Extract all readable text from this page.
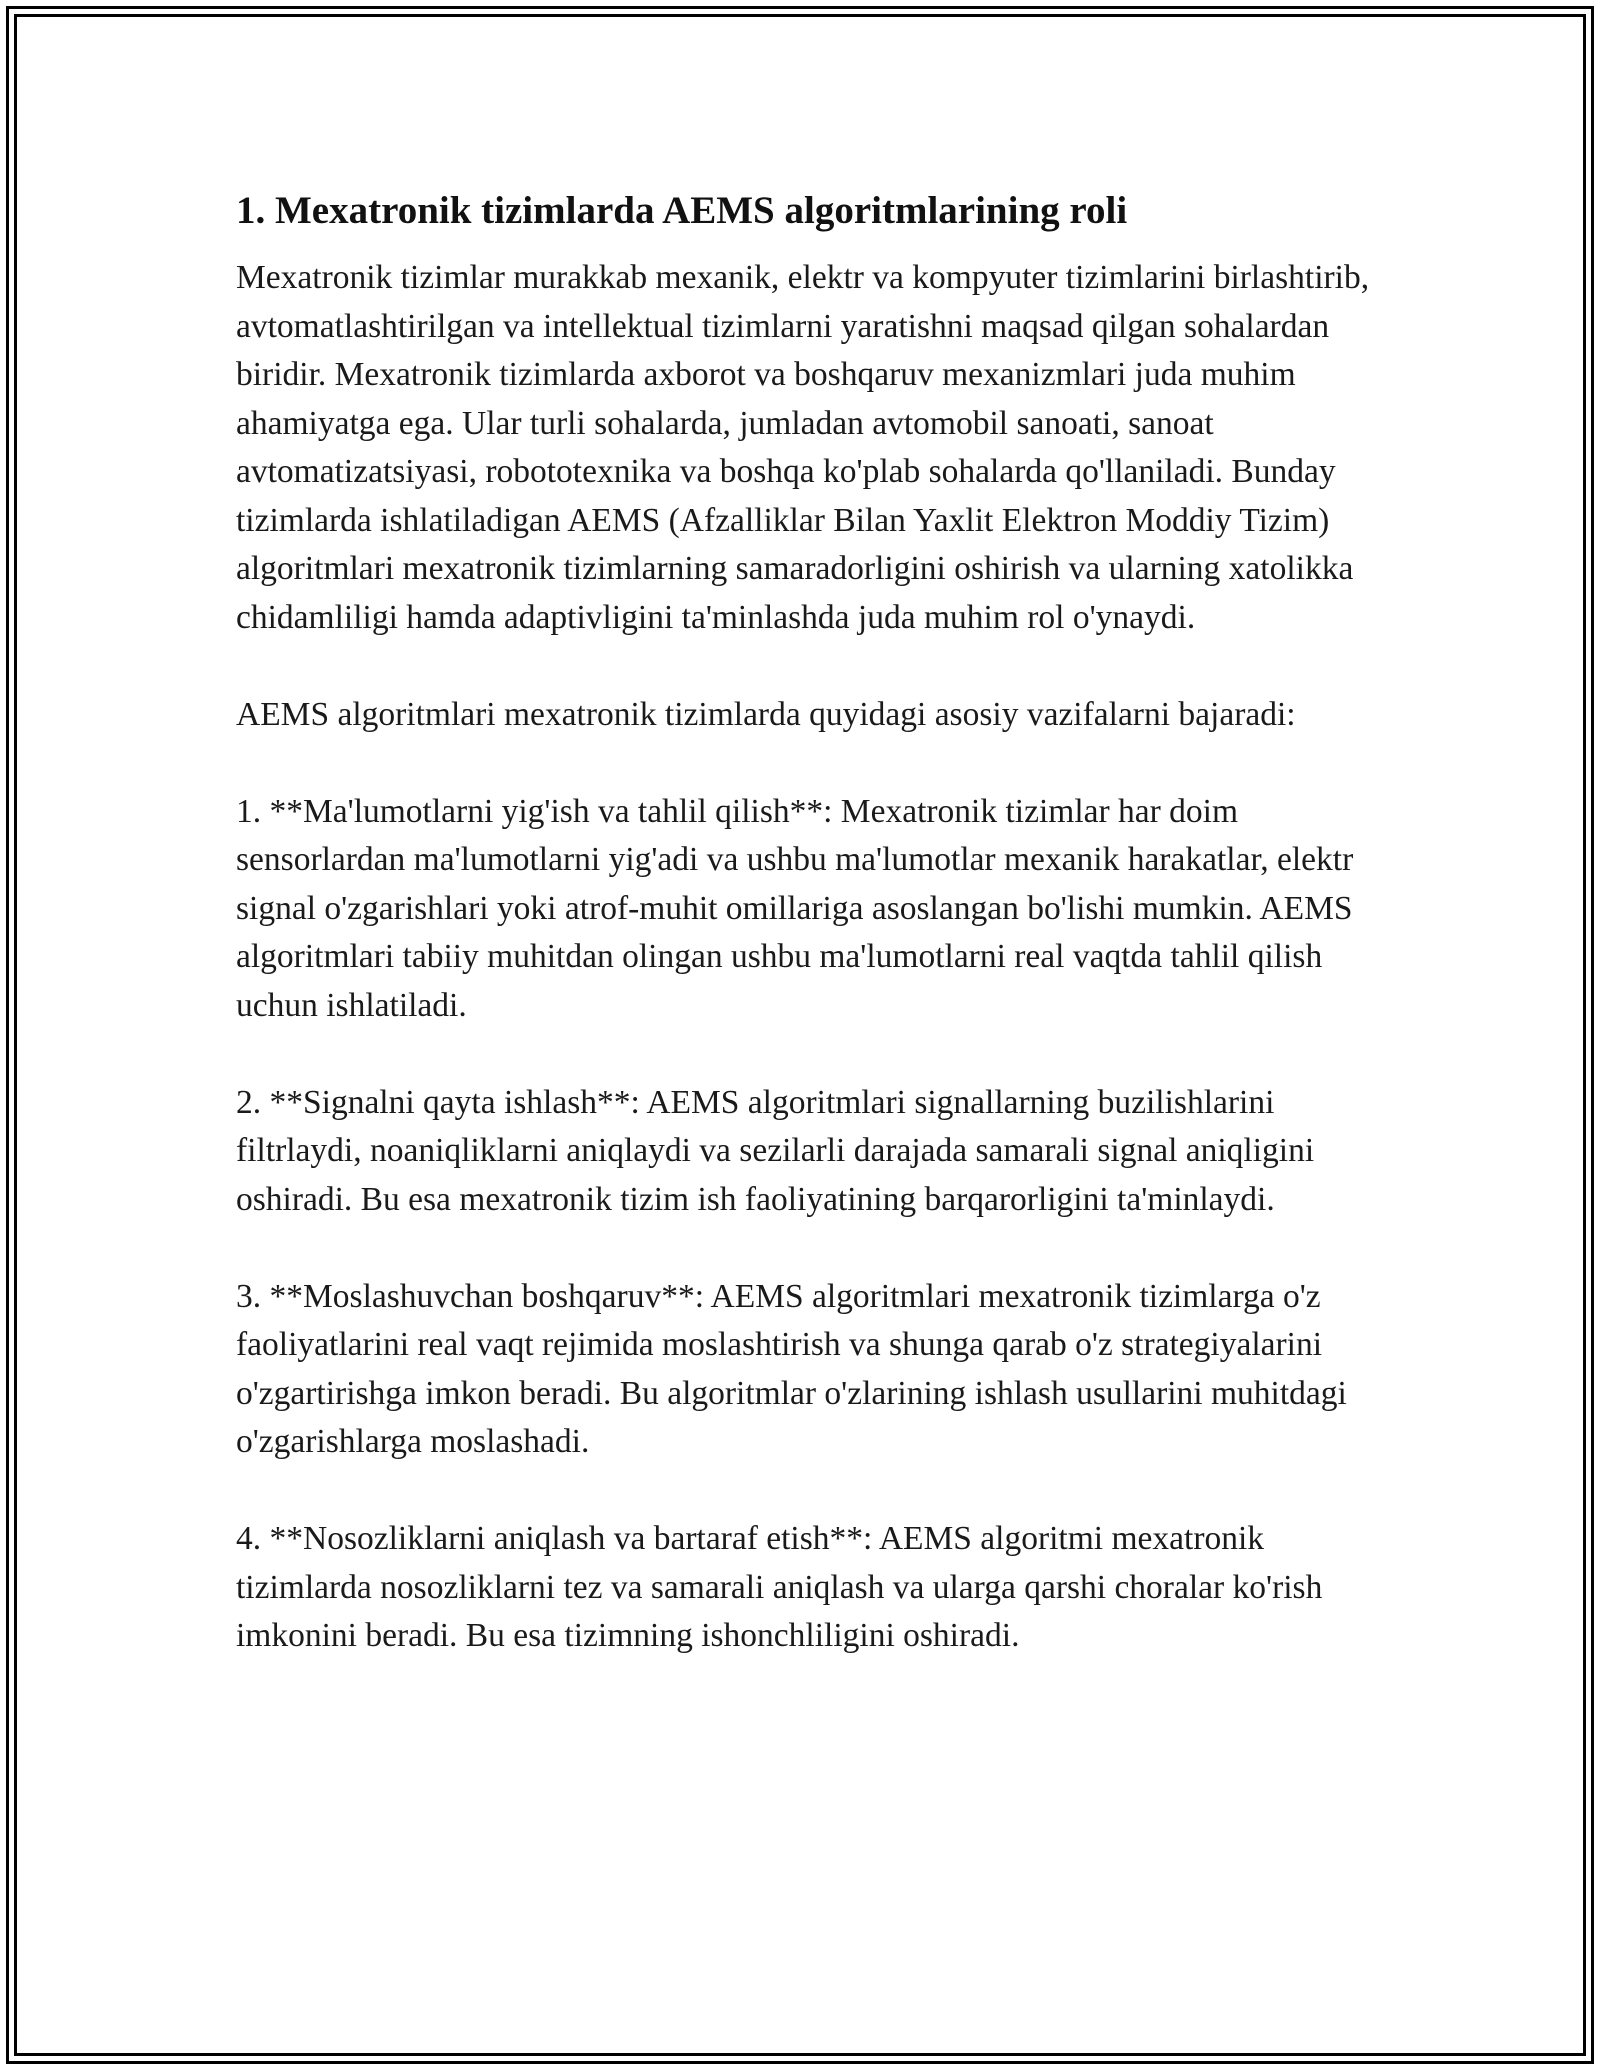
1. Mexatronik tizimlarda AEMS algoritmlarining roli

Mexatronik tizimlar murakkab mexanik, elektr va kompyuter tizimlarini birlashtirib, avtomatlashtirilgan va intellektual tizimlarni yaratishni maqsad qilgan sohalardan biridir. Mexatronik tizimlarda axborot va boshqaruv mexanizmlari juda muhim ahamiyatga ega. Ular turli sohalarda, jumladan avtomobil sanoati, sanoat avtomatizatsiyasi, robototexnika va boshqa ko'plab sohalarda qo'llaniladi. Bunday tizimlarda ishlatiladigan AEMS (Afzalliklar Bilan Yaxlit Elektron Moddiy Tizim) algoritmlari mexatronik tizimlarning samaradorligini oshirish va ularning xatolikka chidamliligi hamda adaptivligini ta'minlashda juda muhim rol o'ynaydi.

AEMS algoritmlari mexatronik tizimlarda quyidagi asosiy vazifalarni bajaradi:

1. **Ma'lumotlarni yig'ish va tahlil qilish**: Mexatronik tizimlar har doim sensorlardan ma'lumotlarni yig'adi va ushbu ma'lumotlar mexanik harakatlar, elektr signal o'zgarishlari yoki atrof-muhit omillariga asoslangan bo'lishi mumkin. AEMS algoritmlari tabiiy muhitdan olingan ushbu ma'lumotlarni real vaqtda tahlil qilish uchun ishlatiladi.

2. **Signalni qayta ishlash**: AEMS algoritmlari signallarning buzilishlarini filtrlaydi, noaniqliklarni aniqlaydi va sezilarli darajada samarali signal aniqligini oshiradi. Bu esa mexatronik tizim ish faoliyatining barqarorligini ta'minlaydi.

3. **Moslashuvchan boshqaruv**: AEMS algoritmlari mexatronik tizimlarga o'z faoliyatlarini real vaqt rejimida moslashtirish va shunga qarab o'z strategiyalarini o'zgartirishga imkon beradi. Bu algoritmlar o'zlarining ishlash usullarini muhitdagi o'zgarishlarga moslashadi.

4. **Nosozliklarni aniqlash va bartaraf etish**: AEMS algoritmi mexatronik tizimlarda nosozliklarni tez va samarali aniqlash va ularga qarshi choralar ko'rish imkonini beradi. Bu esa tizimning ishonchliligini oshiradi.
